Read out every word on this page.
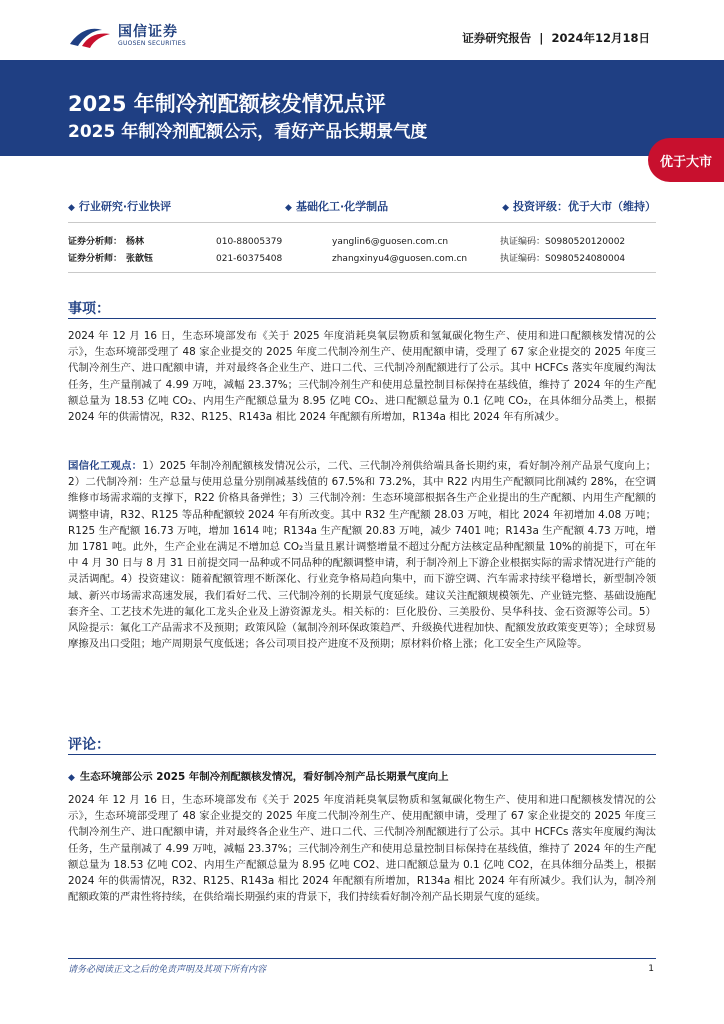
国信证券
GUOSEN SECURITIES	证券研究报告  |  2024年12月18日
2025 年制冷剂配额核发情况点评
2025 年制冷剂配额公示，看好产品长期景气度
优于大市
◆ 行业研究·行业快评	◆ 基础化工·化学制品	◆ 投资评级：优于大市（维持）
证券分析师： 杨林	010-88005379	yanglin6@guosen.com.cn	执证编码：S0980520120002
证券分析师： 张歆钰	021-60375408	zhangxinyu4@guosen.com.cn	执证编码：S0980524080004
事项：
2024 年 12 月 16 日，生态环境部发布《关于 2025 年度消耗臭氧层物质和氢氟碳化物生产、使用和进口配额核发情况的公示》，生态环境部受理了 48 家企业提交的 2025 年度二代制冷剂生产、使用配额申请，受理了 67 家企业提交的 2025 年度三代制冷剂生产、进口配额申请，并对最终各企业生产、进口二代、三代制冷剂配额进行了公示。其中 HCFCs 落实年度履约淘汰任务，生产量削减了 4.99 万吨，减幅 23.37%；三代制冷剂生产和使用总量控制目标保持在基线值，维持了 2024 年的生产配额总量为 18.53 亿吨 CO₂、内用生产配额总量为 8.95 亿吨 CO₂、进口配额总量为 0.1 亿吨 CO₂，在具体细分品类上，根据 2024 年的供需情况，R32、R125、R143a 相比 2024 年配额有所增加，R134a 相比 2024 年有所减少。
国信化工观点：1）2025 年制冷剂配额核发情况公示，二代、三代制冷剂供给端具备长期约束，看好制冷剂产品景气度向上；2）二代制冷剂：生产总量与使用总量分别削减基线值的 67.5%和 73.2%，其中 R22 内用生产配额同比削减约 28%，在空调维修市场需求端的支撑下，R22 价格具备弹性；3）三代制冷剂：生态环境部根据各生产企业提出的生产配额、内用生产配额的调整申请，R32、R125 等品种配额较 2024 年有所改变。其中 R32 生产配额 28.03 万吨，相比 2024 年初增加 4.08 万吨；R125 生产配额 16.73 万吨，增加 1614 吨；R134a 生产配额 20.83 万吨，减少 7401 吨；R143a 生产配额 4.73 万吨，增加 1781 吨。此外，生产企业在满足不增加总 CO₂当量且累计调整增量不超过分配方法核定品种配额量 10%的前提下，可在年中 4 月 30 日与 8 月 31 日前提交同一品种或不同品种的配额调整申请，利于制冷剂上下游企业根据实际的需求情况进行产能的灵活调配。4）投资建议：随着配额管理不断深化、行业竞争格局趋向集中，而下游空调、汽车需求持续平稳增长，新型制冷领域、新兴市场需求高速发展，我们看好二代、三代制冷剂的长期景气度延续。建议关注配额规模领先、产业链完整、基础设施配套齐全、工艺技术先进的氟化工龙头企业及上游资源龙头。相关标的：巨化股份、三美股份、昊华科技、金石资源等公司。5）风险提示：氟化工产品需求不及预期；政策风险（氟制冷剂环保政策趋严、升级换代进程加快、配额发放政策变更等）；全球贸易摩擦及出口受阻；地产周期景气度低迷；各公司项目投产进度不及预期；原材料价格上涨；化工安全生产风险等。
评论：
◆ 生态环境部公示 2025 年制冷剂配额核发情况，看好制冷剂产品长期景气度向上
2024 年 12 月 16 日，生态环境部发布《关于 2025 年度消耗臭氧层物质和氢氟碳化物生产、使用和进口配额核发情况的公示》，生态环境部受理了 48 家企业提交的 2025 年度二代制冷剂生产、使用配额申请，受理了 67 家企业提交的 2025 年度三代制冷剂生产、进口配额申请，并对最终各企业生产、进口二代、三代制冷剂配额进行了公示。其中 HCFCs 落实年度履约淘汰任务，生产量削减了 4.99 万吨，减幅 23.37%；三代制冷剂生产和使用总量控制目标保持在基线值，维持了 2024 年的生产配额总量为 18.53 亿吨 CO2、内用生产配额总量为 8.95 亿吨 CO2、进口配额总量为 0.1 亿吨 CO2，在具体细分品类上，根据 2024 年的供需情况，R32、R125、R143a 相比 2024 年配额有所增加，R134a 相比 2024 年有所减少。我们认为，制冷剂配额政策的严肃性将持续，在供给端长期强约束的背景下，我们持续看好制冷剂产品长期景气度的延续。
请务必阅读正文之后的免责声明及其项下所有内容	1
